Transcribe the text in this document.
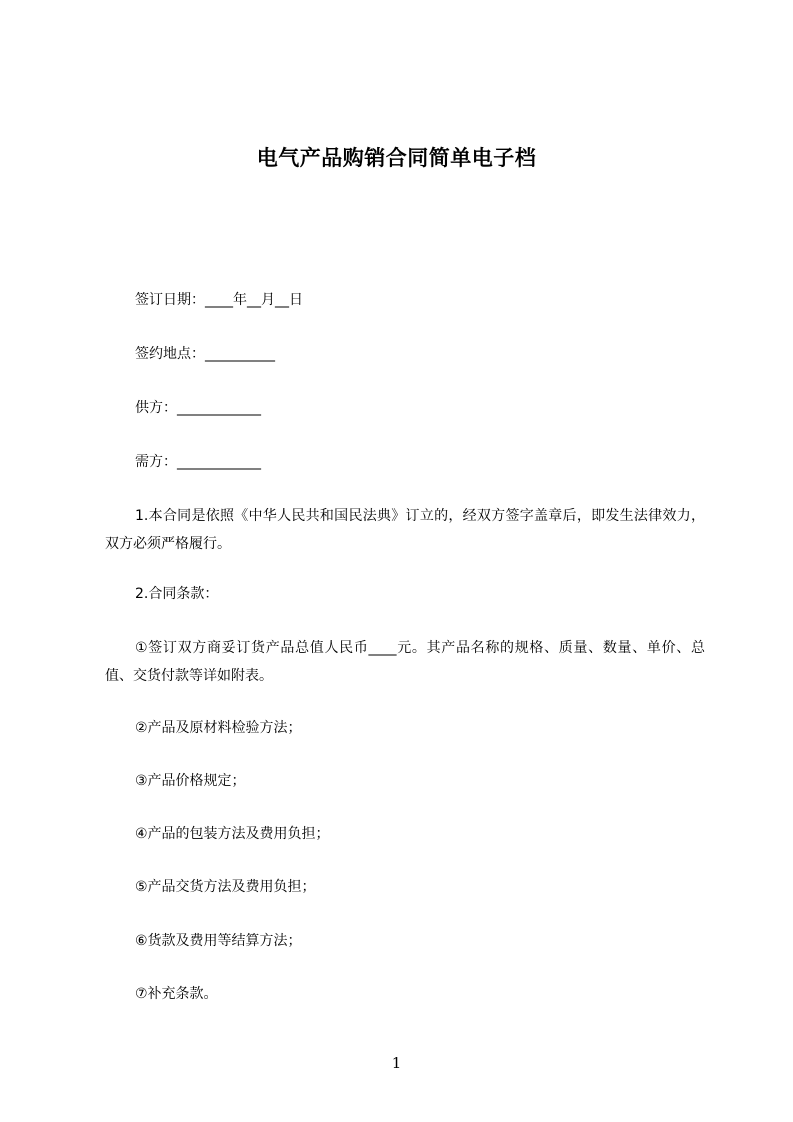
电气产品购销合同简单电子档
签订日期：____年__月__日
签约地点：__________
供方：____________
需方：____________
1.本合同是依照《中华人民共和国民法典》订立的，经双方签字盖章后，即发生法律效力，双方必须严格履行。
2.合同条款：
①签订双方商妥订货产品总值人民币____元。其产品名称的规格、质量、数量、单价、总值、交货付款等详如附表。
②产品及原材料检验方法；
③产品价格规定；
④产品的包装方法及费用负担；
⑤产品交货方法及费用负担；
⑥货款及费用等结算方法；
⑦补充条款。
1
